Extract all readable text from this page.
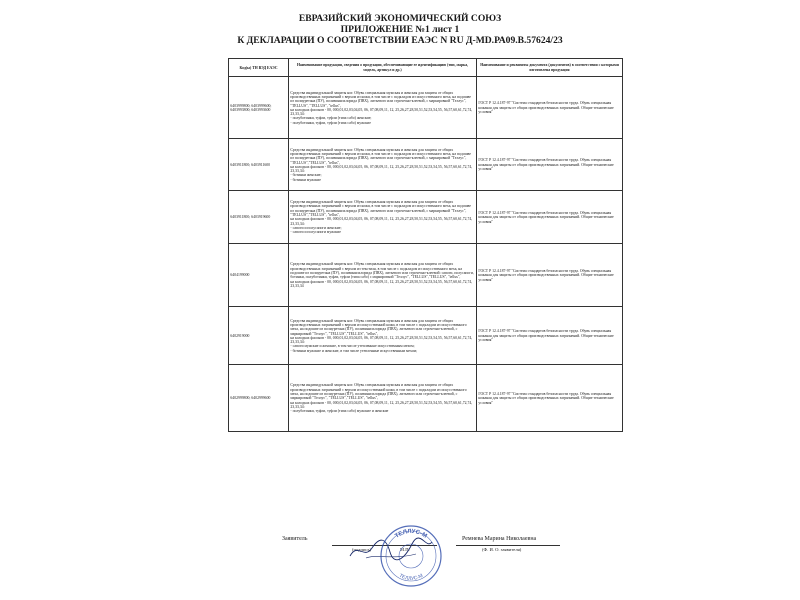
ЕВРАЗИЙСКИЙ ЭКОНОМИЧЕСКИЙ СОЮЗ
ПРИЛОЖЕНИЕ №1 лист 1
К ДЕКЛАРАЦИИ О СООТВЕТСТВИИ ЕАЭС N RU Д-MD.РА09.В.57624/23
Код(ы) ТН ВЭД ЕАЭС	Наименование продукции, сведения о продукции, обеспечивающие ее идентификацию (тип, марка, модель, артикул и др.)	Наименование и реквизиты документа (документов) в соответствии с которыми изготовлена продукция
6403999800; 6403999600; 6403993800; 6403993600	Средства индивидуальной защиты ног. Обувь специальная мужская и женская для защиты от общих производственных загрязнений с верхом из кожи, в том числе с подкладом из искусственного меха, на подошве из полиуретана (ПУ), поливинилхлорида (ПВХ), литьевого или строчечно-клеевой, с маркировкой "Теллус", "TELLUS", "TELLUS", "tellus",
на колодках фасонов - 00, 000,01,02,03,04,05, 06, 07,08,09,11, 12, 25,26,27,28,50,51,52,53,54,55, 56,57,60,61,72,74, 23,33,34:
- полуботинки, туфли, туфли (типа сабо) женские;
- полуботинки, туфли, туфли (типа сабо) мужские	ГОСТ Р 12.4.187-97 "Система стандартов безопасности труда. Обувь специальная кожаная для защиты от общих производственных загрязнений. Общие технические условия"
6403911800; 6403911600	Средства индивидуальной защиты ног. Обувь специальная мужская и женская для защиты от общих производственных загрязнений с верхом из кожи, в том числе с подкладом из искусственного меха, на подошве из полиуретана (ПУ), поливинилхлорида (ПВХ), литьевого или строчечно-клеевой, с маркировкой "Теллус", "TELLUS","TELLUS", "tellus",
на колодках фасонов - 00, 000,01,02,03,04,05, 06, 07,08,09,11, 12, 25,26,27,28,50,51,52,53,54,55, 56,57,60,61,72,74, 23,33,34:
- ботинки женские;
- ботинки мужские	ГОСТ Р 12.4.187-97 "Система стандартов безопасности труда. Обувь специальная кожаная для защиты от общих производственных загрязнений. Общие технические условия"
6403911800; 6403919600	Средства индивидуальной защиты ног. Обувь специальная мужская и женская для защиты от общих производственных загрязнений с верхом из кожи, в том числе с подкладом из искусственного меха, на подошве из полиуретана (ПУ), поливинилхлорида (ПВХ), литьевого или строчечно-клеевой, с маркировкой "Теллус", "TELLUS","TELLUS", "tellus",
на колодках фасонов - 00, 000,01,02,03,04,05, 06, 07,08,09,11, 12, 25,26,27,28,50,51,52,53,54,55, 56,57,60,61,72,74, 23,33,34:
- сапоги и полусапоги женские;
- сапоги и полусапоги мужские	ГОСТ Р 12.4.187-97 "Система стандартов безопасности труда. Обувь специальная кожаная для защиты от общих производственных загрязнений. Общие технические условия"
6404199000	Средства индивидуальной защиты ног. Обувь специальная мужская и женская для защиты от общих производственных загрязнений с верхом из текстиля, в том числе с подкладом из искусственного меха, на подошве из полиуретана (ПУ), поливинилхлорида (ПВХ), литьевого или строчечно-клеевой: сапоги, полусапоги, ботинки, полуботинки, туфли, туфли (типа сабо) с маркировкой "Теллус", "TELLUS","TELLUS", "tellus",
на колодках фасонов - 00, 000,01,02,03,04,05, 06, 07,08,09,11, 12, 25,26,27,28,50,51,52,53,54,55, 56,57,60,61,72,74, 23,33,34	ГОСТ Р 12.4.187-97 "Система стандартов безопасности труда. Обувь специальная кожаная для защиты от общих производственных загрязнений. Общие технические условия"
6402919000	Средства индивидуальной защиты ног. Обувь специальная мужская и женская для защиты от общих производственных загрязнений с верхом из искусственной кожи, в том числе с подкладом из искусственного меха, на подошве из полиуретана (ПУ), поливинилхлорида (ПВХ), литьевого или строчечно-клеевой, с маркировкой "Теллус", "TELLUS","TELLUS", "tellus",
на колодках фасонов - 00, 000,01,02,03,04,05, 06, 07,08,09,11, 12, 25,26,27,28,50,51,52,53,54,55, 56,57,60,61,72,74, 23,33,34:
- сапоги мужские и женские, в том числе утепленные искусственным мехом;
- ботинки мужские и женские, в том числе утепленные искусственным мехом;	ГОСТ Р 12.4.187-97 "Система стандартов безопасности труда. Обувь специальная кожаная для защиты от общих производственных загрязнений. Общие технические условия"
6402999800; 6402999600	Средства индивидуальной защиты ног. Обувь специальная мужская и женская для защиты от общих производственных загрязнений с верхом из искусственной кожи, в том числе с подкладом из искусственного меха, на подошве из полиуретана (ПУ), поливинилхлорида (ПВХ), литьевого или строчечно-клеевой, с маркировкой "Теллус", "TELLUS","TELLUS", "tellus",
на колодках фасонов - 00, 000,01,02,03,04,05, 06, 07,08,09,11, 12, 25,26,27,28,50,51,52,53,54,55, 56,57,60,61,72,74, 23,33,34:
- полуботинки, туфли, туфли (типа сабо) мужские и женские	ГОСТ Р 12.4.187-97 "Система стандартов безопасности труда. Обувь специальная кожаная для защиты от общих производственных загрязнений. Общие технические условия"
Заявитель
(подпись)	М.П.
Ремнева Марина Николаевна
(Ф. И. О. заявителя)
ТЕЛЛУС-М
ТЕЛЛУС-М
